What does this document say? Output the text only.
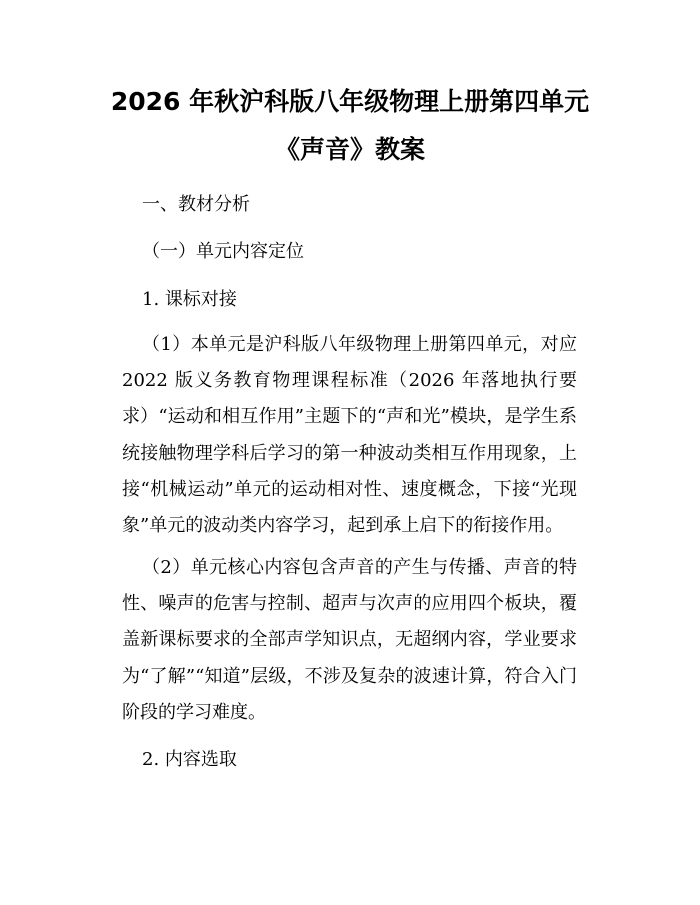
2026 年秋沪科版八年级物理上册第四单元
《声音》教案
一、教材分析
（一）单元内容定位
1. 课标对接
（1）本单元是沪科版八年级物理上册第四单元，对应2022 版义务教育物理课程标准（2026 年落地执行要求）“运动和相互作用”主题下的“声和光”模块，是学生系统接触物理学科后学习的第一种波动类相互作用现象，上接“机械运动”单元的运动相对性、速度概念，下接“光现象”单元的波动类内容学习，起到承上启下的衔接作用。
（2）单元核心内容包含声音的产生与传播、声音的特性、噪声的危害与控制、超声与次声的应用四个板块，覆盖新课标要求的全部声学知识点，无超纲内容，学业要求为“了解”“知道”层级，不涉及复杂的波速计算，符合入门阶段的学习难度。
2. 内容选取
